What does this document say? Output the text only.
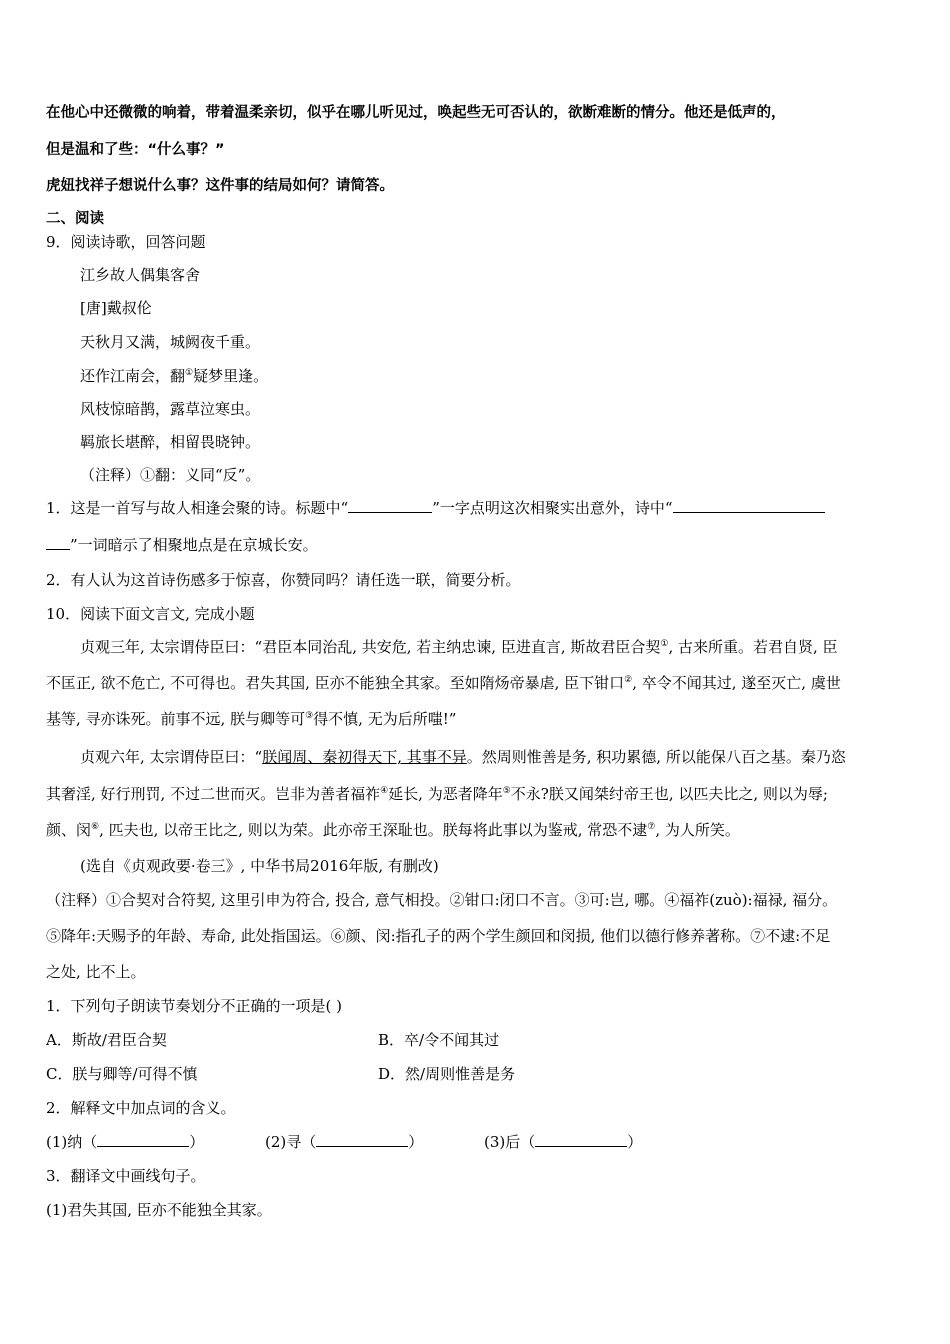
在他心中还微微的响着，带着温柔亲切，似乎在哪儿听见过，唤起些无可否认的，欲断难断的情分。他还是低声的，
但是温和了些：“什么事？”
虎妞找祥子想说什么事？这件事的结局如何？请简答。
二、阅读
9．阅读诗歌，回答问题
江乡故人偶集客舍
[唐]戴叔伦
天秋月又满，城阙夜千重。
还作江南会，翻①疑梦里逢。
风枝惊暗鹊，露草泣寒虫。
羁旅长堪醉，相留畏晓钟。
（注释）①翻：义同“反”。
1．这是一首写与故人相逢会聚的诗。标题中“	”一字点明这次相聚实出意外，诗中“
”一词暗示了相聚地点是在京城长安。
2．有人认为这首诗伤感多于惊喜，你赞同吗？请任选一联，简要分析。
10．阅读下面文言文, 完成小题
贞观三年, 太宗谓侍臣曰：“君臣本同治乱, 共安危, 若主纳忠谏, 臣进直言, 斯故君臣合契①, 古来所重。若君自贤, 臣
不匡正, 欲不危亡, 不可得也。君失其国, 臣亦不能独全其家。至如隋炀帝暴虐, 臣下钳口②, 卒令不闻其过, 遂至灭亡, 虞世
基等, 寻亦诛死。前事不远, 朕与卿等可③得不慎, 无为后所嗤!”
贞观六年, 太宗谓侍臣曰：“朕闻周、秦初得天下, 其事不异。然周则惟善是务, 积功累德, 所以能保八百之基。秦乃恣
其奢淫, 好行刑罚, 不过二世而灭。岂非为善者福祚④延长, 为恶者降年⑤不永?朕又闻桀纣帝王也, 以匹夫比之, 则以为辱;
颜、闵⑥, 匹夫也, 以帝王比之, 则以为荣。此亦帝王深耻也。朕每将此事以为鉴戒, 常恐不逮⑦, 为人所笑。
(选自《贞观政要·卷三》, 中华书局2016年版, 有删改)
（注释）①合契对合符契, 这里引申为符合, 投合, 意气相投。②钳口:闭口不言。③可:岂, 哪。④福祚(zuò):福禄, 福分。
⑤降年:天赐予的年龄、寿命, 此处指国运。⑥颜、闵:指孔子的两个学生颜回和闵损, 他们以德行修养著称。⑦不逮:不足
之处, 比不上。
1．下列句子朗读节奏划分不正确的一项是( )
A．斯故/君臣合契	B．卒/令不闻其过
C．朕与卿等/可得不慎	D．然/周则惟善是务
2．解释文中加点词的含义。
(1)纳（	）	(2)寻（	）	(3)后（	）
3．翻译文中画线句子。
(1)君失其国, 臣亦不能独全其家。
